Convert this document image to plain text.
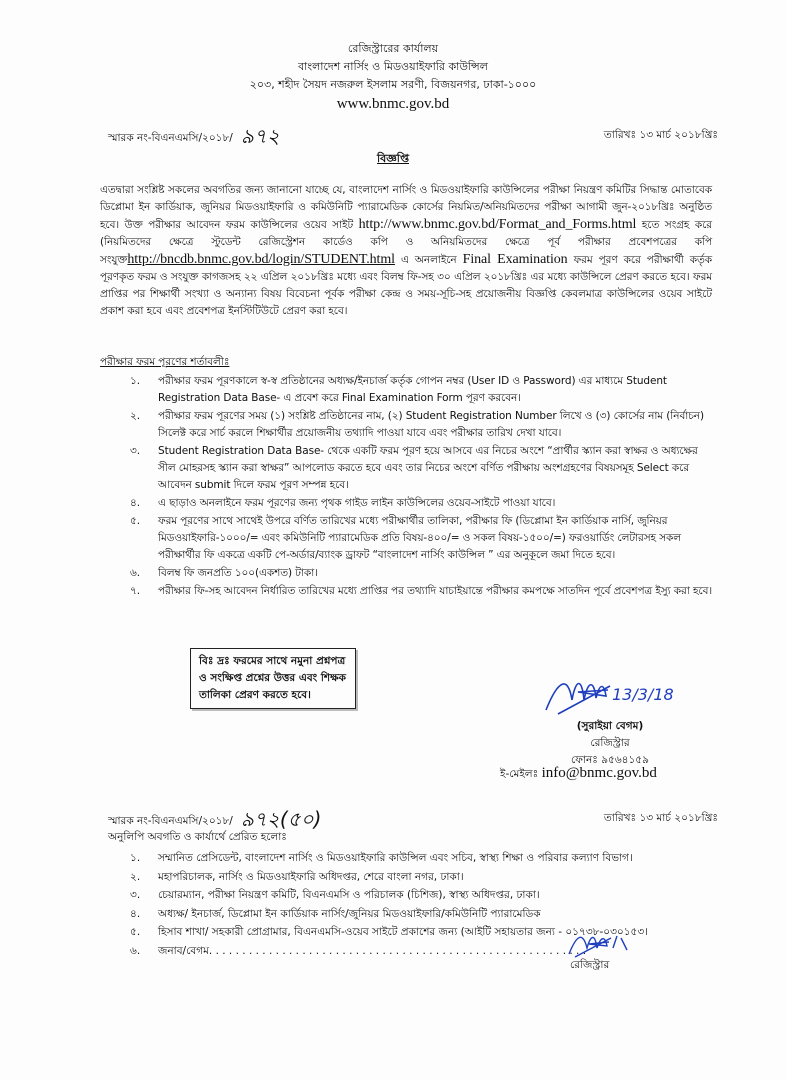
রেজিস্ট্রারের কার্যালয়
বাংলাদেশ নার্সিং ও মিডওয়াইফারি কাউন্সিল
২০৩, শহীদ সৈয়দ নজরুল ইসলাম সরণী, বিজয়নগর, ঢাকা-১০০০
www.bnmc.gov.bd
স্মারক নং-বিএনএমসি/২০১৮/ ৯৭২	তারিখঃ ১৩ মার্চ ২০১৮খ্রিঃ
বিজ্ঞপ্তি

এতদ্বারা সংশ্লিষ্ট সকলের অবগতির জন্য জানানো যাচ্ছে যে, বাংলাদেশ নার্সিং ও মিডওয়াইফারি কাউন্সিলের পরীক্ষা নিয়ন্ত্রণ কমিটির সিদ্ধান্ত মোতাবেক ডিপ্লোমা ইন কার্ডিয়াক, জুনিয়র মিডওয়াইফারি ও কমিউনিটি প্যারামেডিক কোর্সের নিয়মিত/অনিয়মিতদের পরীক্ষা আগামী জুন-২০১৮খ্রিঃ অনুষ্ঠিত হবে। উক্ত পরীক্ষার আবেদন ফরম কাউন্সিলের ওয়েব সাইট http://www.bnmc.gov.bd/Format_and_Forms.html হতে সংগ্রহ করে (নিয়মিতদের ক্ষেত্রে স্টুডেন্ট রেজিস্ট্রেশন কার্ডেও কপি ও অনিয়মিতদের ক্ষেত্রে পূর্ব পরীক্ষার প্রবেশপত্রের কপি সংযুক্তhttp://bncdb.bnmc.gov.bd/login/STUDENT.html এ অনলাইনে Final Examination ফরম পূরণ করে পরীক্ষার্থী কর্তৃক পূরণকৃত ফরম ও সংযুক্ত কাগজসহ ২২ এপ্রিল ২০১৮খ্রিঃ মধ্যে এবং বিলম্ব ফি-সহ ৩০ এপ্রিল ২০১৮খ্রিঃ এর মধ্যে কাউন্সিলে প্রেরণ করতে হবে। ফরম প্রাপ্তির পর শিক্ষার্থী সংখ্যা ও অন্যান্য বিষয় বিবেচনা পূর্বক পরীক্ষা কেন্দ্র ও সময়-সূচি-সহ প্রয়োজনীয় বিজ্ঞপ্তি কেবলমাত্র কাউন্সিলের ওয়েব সাইটে প্রকাশ করা হবে এবং প্রবেশপত্র ইনস্টিটিউটে প্রেরণ করা হবে।

পরীক্ষার ফরম পূরণের শর্তাবলীঃ
১. পরীক্ষার ফরম পূরণকালে স্ব-স্ব প্রতিষ্ঠানের অধ্যক্ষ/ইনচার্জ কর্তৃক গোপন নম্বর (User ID ও Password) এর মাধ্যমে Student Registration Data Base- এ প্রবেশ করে Final Examination Form পূরণ করবেন।
২. পরীক্ষার ফরম পূরণের সময় (১) সংশ্লিষ্ট প্রতিষ্ঠানের নাম, (২) Student Registration Number লিখে ও (৩) কোর্সের নাম (নির্বাচন) সিলেক্ট করে সার্চ করলে শিক্ষার্থীর প্রয়োজনীয় তথ্যাদি পাওয়া যাবে এবং পরীক্ষার তারিখ দেখা যাবে।
৩. Student Registration Data Base- থেকে একটি ফরম পূরণ হয়ে আসবে এর নিচের অংশে “প্রার্থীর স্ক্যান করা স্বাক্ষর ও অধ্যক্ষের সীল মোহরসহ স্ক্যান করা স্বাক্ষর” আপলোড করতে হবে এবং তার নিচের অংশে বর্ণিত পরীক্ষায় অংশগ্রহণের বিষয়সমূহ Select করে আবেদন submit দিলে ফরম পূরণ সম্পন্ন হবে।
৪. এ ছাড়াও অনলাইনে ফরম পূরণের জন্য পৃথক গাইড লাইন কাউন্সিলের ওয়েব-সাইটে পাওয়া যাবে।
৫. ফরম পূরণের সাথে সাথেই উপরে বর্ণিত তারিখের মধ্যে পরীক্ষার্থীর তালিকা, পরীক্ষার ফি (ডিপ্লোমা ইন কার্ডিয়াক নার্সি, জুনিয়র মিডওয়াইফারি-১০০০/= এবং কমিউনিটি প্যারামেডিক প্রতি বিষয়-৪০০/= ও সকল বিষয়-১৫০০/=) ফরওয়ার্ডিং লেটারসহ সকল পরীক্ষার্থীর ফি একত্রে একটি পে-অর্ডার/ব্যাংক ড্রাফট “বাংলাদেশ নার্সিং কাউন্সিল ” এর অনুকূলে জমা দিতে হবে।
৬. বিলম্ব ফি জনপ্রতি ১০০(একশত) টাকা।
৭. পরীক্ষার ফি-সহ আবেদন নির্ধারিত তারিখের মধ্যে প্রাপ্তির পর তথ্যাদি যাচাইয়ান্তে পরীক্ষার কমপক্ষে সাতদিন পূর্বে প্রবেশপত্র ইস্যু করা হবে।
বিঃ দ্রঃ ফরমের সাথে নমুনা প্রশ্নপত্র ও সংক্ষিপ্ত প্রশ্নের উত্তর এবং শিক্ষক তালিকা প্রেরণ করতে হবে।	13/3/18
(সুরাইয়া বেগম)
রেজিস্ট্রার
ফোনঃ ৯৫৬৪১৫৯
ই-মেইলঃ info@bnmc.gov.bd
স্মারক নং-বিএনএমসি/২০১৮/ ৯৭২(৫০)	তারিখঃ ১৩ মার্চ ২০১৮খ্রিঃ
অনুলিপি অবগতি ও কার্যার্থে প্রেরিত হলোঃ
১. সম্মানিত প্রেসিডেন্ট, বাংলাদেশ নার্সিং ও মিডওয়াইফারি কাউন্সিল এবং সচিব, স্বাস্থ্য শিক্ষা ও পরিবার কল্যাণ বিভাগ।
২. মহাপরিচালক, নার্সিং ও মিডওয়াইফারি অধিদপ্তর, শেরে বাংলা নগর, ঢাকা।
৩. চেয়ারম্যান, পরীক্ষা নিয়ন্ত্রণ কমিটি, বিএনএমসি ও পরিচালক (চিশিজ), স্বাস্থ্য অধিদপ্তর, ঢাকা।
৪. অধ্যক্ষ/ ইনচার্জ, ডিপ্লোমা ইন কার্ডিয়াক নার্সিং/জুনিয়র মিডওয়াইফারি/কমিউনিটি প্যারামেডিক
৫. হিসাব শাখা/ সহকারী প্রোগ্রামার, বিএনএমসি-ওয়েব সাইটে প্রকাশের জন্য (আইটি সহায়তার জন্য - ০১৭৩৮-০৩০১৫৩।
৬. জনাব/বেগম. . . . . . . . . . . . . . . . . . . . . . . . . . . . . . . . . . . . . . . . . . . . . . . . . . . . . . . . .
রেজিস্ট্রার
